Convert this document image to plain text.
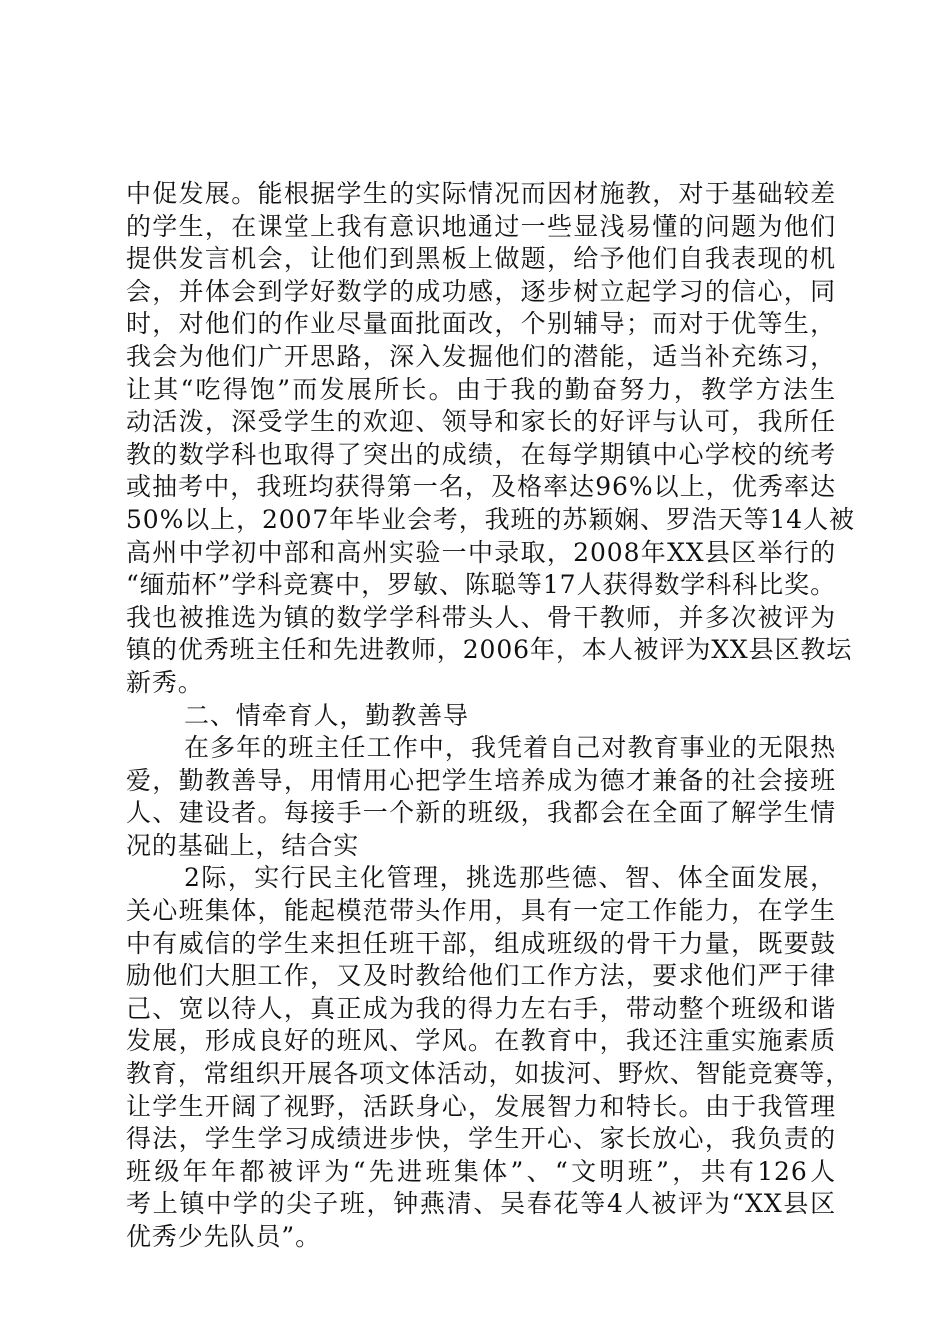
中促发展。能根据学生的实际情况而因材施教，对于基础较差
的学生，在课堂上我有意识地通过一些显浅易懂的问题为他们
提供发言机会，让他们到黑板上做题，给予他们自我表现的机
会，并体会到学好数学的成功感，逐步树立起学习的信心，同
时，对他们的作业尽量面批面改，个别辅导；而对于优等生，
我会为他们广开思路，深入发掘他们的潜能，适当补充练习，
让其“吃得饱”而发展所长。由于我的勤奋努力，教学方法生
动活泼，深受学生的欢迎、领导和家长的好评与认可，我所任
教的数学科也取得了突出的成绩，在每学期镇中心学校的统考
或抽考中，我班均获得第一名，及格率达96%以上，优秀率达
50%以上，2007年毕业会考，我班的苏颖娴、罗浩天等14人被
高州中学初中部和高州实验一中录取，2008年XX县区举行的
“缅茄杯”学科竞赛中，罗敏、陈聪等17人获得数学科科比奖。
我也被推选为镇的数学学科带头人、骨干教师，并多次被评为
镇的优秀班主任和先进教师，2006年，本人被评为XX县区教坛
新秀。
二、情牵育人，勤教善导
在多年的班主任工作中，我凭着自己对教育事业的无限热
爱，勤教善导，用情用心把学生培养成为德才兼备的社会接班
人、建设者。每接手一个新的班级，我都会在全面了解学生情
况的基础上，结合实
2际，实行民主化管理，挑选那些德、智、体全面发展，
关心班集体，能起模范带头作用，具有一定工作能力，在学生
中有威信的学生来担任班干部，组成班级的骨干力量，既要鼓
励他们大胆工作，又及时教给他们工作方法，要求他们严于律
己、宽以待人，真正成为我的得力左右手，带动整个班级和谐
发展，形成良好的班风、学风。在教育中，我还注重实施素质
教育，常组织开展各项文体活动，如拔河、野炊、智能竞赛等，
让学生开阔了视野，活跃身心，发展智力和特长。由于我管理
得法，学生学习成绩进步快，学生开心、家长放心，我负责的
班级年年都被评为“先进班集体”、“文明班”，共有126人
考上镇中学的尖子班，钟燕清、吴春花等4人被评为“XX县区
优秀少先队员”。
